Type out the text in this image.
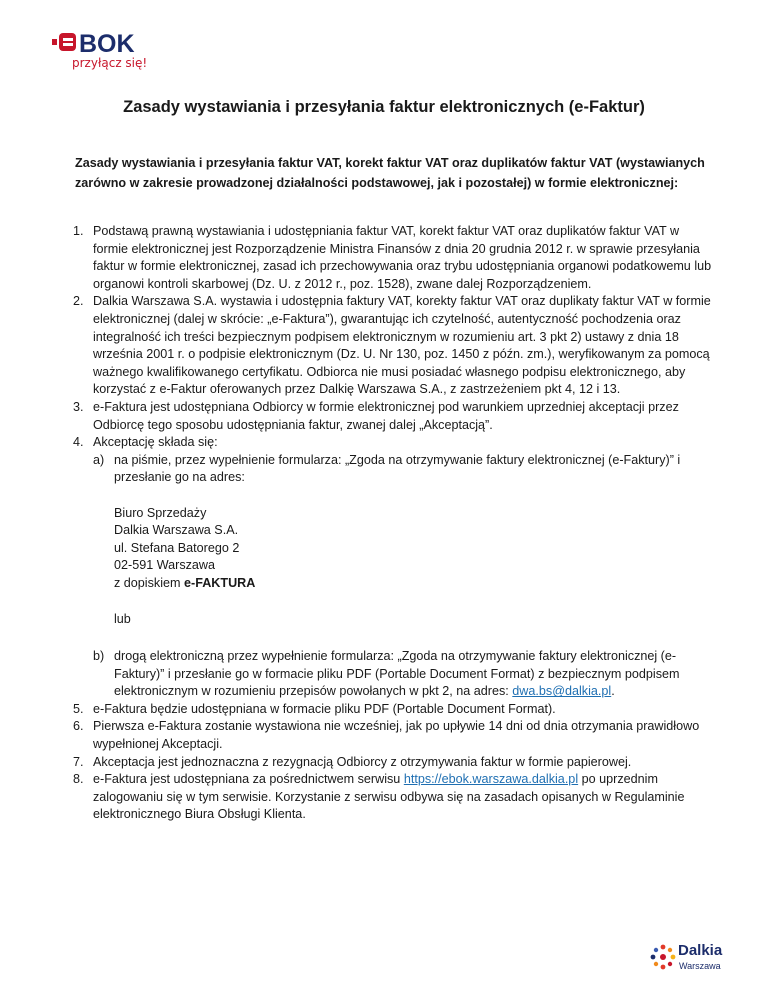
BOK
przyłącz się!
Zasady wystawiania i przesyłania faktur elektronicznych (e-Faktur)
Zasady wystawiania i przesyłania faktur VAT, korekt faktur VAT oraz duplikatów faktur VAT (wystawianych zarówno w zakresie prowadzonej działalności podstawowej, jak i pozostałej) w formie elektronicznej:
1. Podstawą prawną wystawiania i udostępniania faktur VAT, korekt faktur VAT oraz duplikatów faktur VAT w formie elektronicznej jest Rozporządzenie Ministra Finansów z dnia 20 grudnia 2012 r. w sprawie przesyłania faktur w formie elektronicznej, zasad ich przechowywania oraz trybu udostępniania organowi podatkowemu lub organowi kontroli skarbowej (Dz. U. z 2012 r., poz. 1528), zwane dalej Rozporządzeniem.
2. Dalkia Warszawa S.A. wystawia i udostępnia faktury VAT, korekty faktur VAT oraz duplikaty faktur VAT w formie elektronicznej (dalej w skrócie: „e-Faktura”), gwarantując ich czytelność, autentyczność pochodzenia oraz integralność ich treści bezpiecznym podpisem elektronicznym w rozumieniu art. 3 pkt 2) ustawy z dnia 18 września 2001 r. o podpisie elektronicznym (Dz. U. Nr 130, poz. 1450 z późn. zm.), weryfikowanym za pomocą ważnego kwalifikowanego certyfikatu. Odbiorca nie musi posiadać własnego podpisu elektronicznego, aby korzystać z e-Faktur oferowanych przez Dalkię Warszawa S.A., z zastrzeżeniem pkt 4, 12 i 13.
3. e-Faktura jest udostępniana Odbiorcy w formie elektronicznej pod warunkiem uprzedniej akceptacji przez Odbiorcę tego sposobu udostępniania faktur, zwanej dalej „Akceptacją”.
4. Akceptację składa się:
a) na piśmie, przez wypełnienie formularza: „Zgoda na otrzymywanie faktury elektronicznej (e-Faktury)” i przesłanie go na adres:
Biuro Sprzedaży
Dalkia Warszawa S.A.
ul. Stefana Batorego 2
02-591 Warszawa
z dopiskiem e-FAKTURA
lub
b) drogą elektroniczną przez wypełnienie formularza: „Zgoda na otrzymywanie faktury elektronicznej (e-Faktury)” i przesłanie go w formacie pliku PDF (Portable Document Format) z bezpiecznym podpisem elektronicznym w rozumieniu przepisów powołanych w pkt 2, na adres: dwa.bs@dalkia.pl.
5. e-Faktura będzie udostępniana w formacie pliku PDF (Portable Document Format).
6. Pierwsza e-Faktura zostanie wystawiona nie wcześniej, jak po upływie 14 dni od dnia otrzymania prawidłowo wypełnionej Akceptacji.
7. Akceptacja jest jednoznaczna z rezygnacją Odbiorcy z otrzymywania faktur w formie papierowej.
8. e-Faktura jest udostępniana za pośrednictwem serwisu https://ebok.warszawa.dalkia.pl po uprzednim zalogowaniu się w tym serwisie. Korzystanie z serwisu odbywa się na zasadach opisanych w Regulaminie elektronicznego Biura Obsługi Klienta.
Dalkia
Warszawa
